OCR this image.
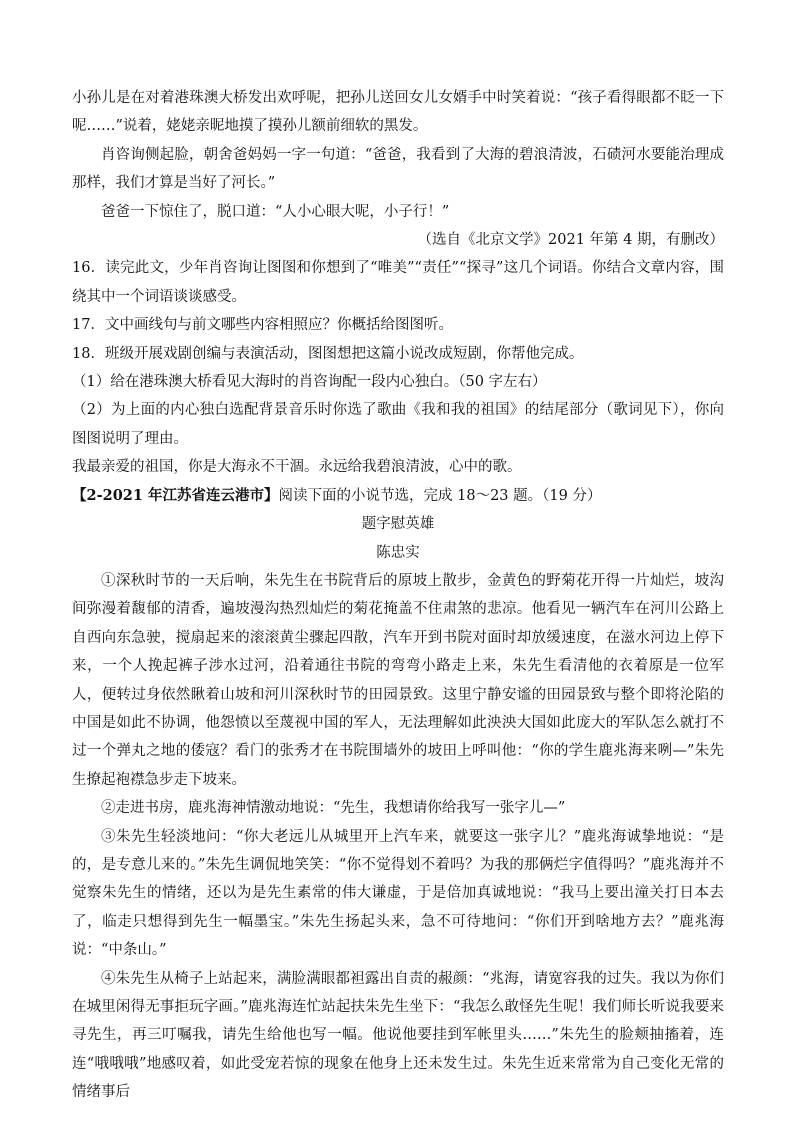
小孙儿是在对着港珠澳大桥发出欢呼呢，把孙儿送回女儿女婿手中时笑着说：“孩子看得眼都不眨一下呢……”说着，姥姥亲昵地摸了摸孙儿额前细软的黑发。

肖咨询侧起脸，朝舍爸妈妈一字一句道：“爸爸，我看到了大海的碧浪清波，石碛河水要能治理成那样，我们才算是当好了河长。”

爸爸一下惊住了，脱口道：“人小心眼大呢，小子行！”

（选自《北京文学》2021 年第 4 期，有删改）

16．读完此文，少年肖咨询让图图和你想到了“唯美”“责任”“探寻”这几个词语。你结合文章内容，围绕其中一个词语谈谈感受。

17．文中画线句与前文哪些内容相照应？你概括给图图听。

18．班级开展戏剧创编与表演活动，图图想把这篇小说改成短剧，你帮他完成。

（1）给在港珠澳大桥看见大海时的肖咨询配一段内心独白。（50 字左右）

（2）为上面的内心独白选配背景音乐时你选了歌曲《我和我的祖国》的结尾部分（歌词见下），你向图图说明了理由。

我最亲爱的祖国，你是大海永不干涸。永远给我碧浪清波，心中的歌。

【2-2021 年江苏省连云港市】阅读下面的小说节选，完成 18～23 题。（19 分）

题字慰英雄

陈忠实

①深秋时节的一天后响，朱先生在书院背后的原坡上散步，金黄色的野菊花开得一片灿烂，坡沟间弥漫着馥郁的清香，遍坡漫沟热烈灿烂的菊花掩盖不住肃煞的悲凉。他看见一辆汽车在河川公路上自西向东急驶，搅扇起来的滚滚黄尘骤起四散，汽车开到书院对面时却放缓速度，在滋水河边上停下来，一个人挽起裤子涉水过河，沿着通往书院的弯弯小路走上来，朱先生看清他的衣着原是一位军人，便转过身依然瞅着山坡和河川深秋时节的田园景致。这里宁静安谧的田园景致与整个即将沦陷的中国是如此不协调，他怨愤以至蔑视中国的军人，无法理解如此泱泱大国如此庞大的军队怎么就打不过一个弹丸之地的倭寇？看门的张秀才在书院围墙外的坡田上呼叫他：“你的学生鹿兆海来咧—”朱先生撩起袍襟急步走下坡来。

②走进书房，鹿兆海神情激动地说：“先生，我想请你给我写一张字儿—”

③朱先生轻淡地问：“你大老远儿从城里开上汽车来，就要这一张字儿？”鹿兆海诚挚地说：“是的，是专意儿来的。”朱先生调侃地笑笑：“你不觉得划不着吗？为我的那俩烂字值得吗？”鹿兆海并不觉察朱先生的情绪，还以为是先生素常的伟大谦虚，于是倍加真诚地说：“我马上要出潼关打日本去了，临走只想得到先生一幅墨宝。”朱先生扬起头来，急不可待地问：“你们开到啥地方去？”鹿兆海说：“中条山。”

④朱先生从椅子上站起来，满脸满眼都袒露出自责的赧颜：“兆海，请宽容我的过失。我以为你们在城里闲得无事拒玩字画。”鹿兆海连忙站起扶朱先生坐下：“我怎么敢怪先生呢！我们师长听说我要来寻先生，再三叮嘱我，请先生给他也写一幅。他说他要挂到军帐里头……”朱先生的脸颊抽搐着，连连“哦哦哦”地感叹着，如此受宠若惊的现象在他身上还未发生过。朱先生近来常常为自己变化无常的情绪事后
